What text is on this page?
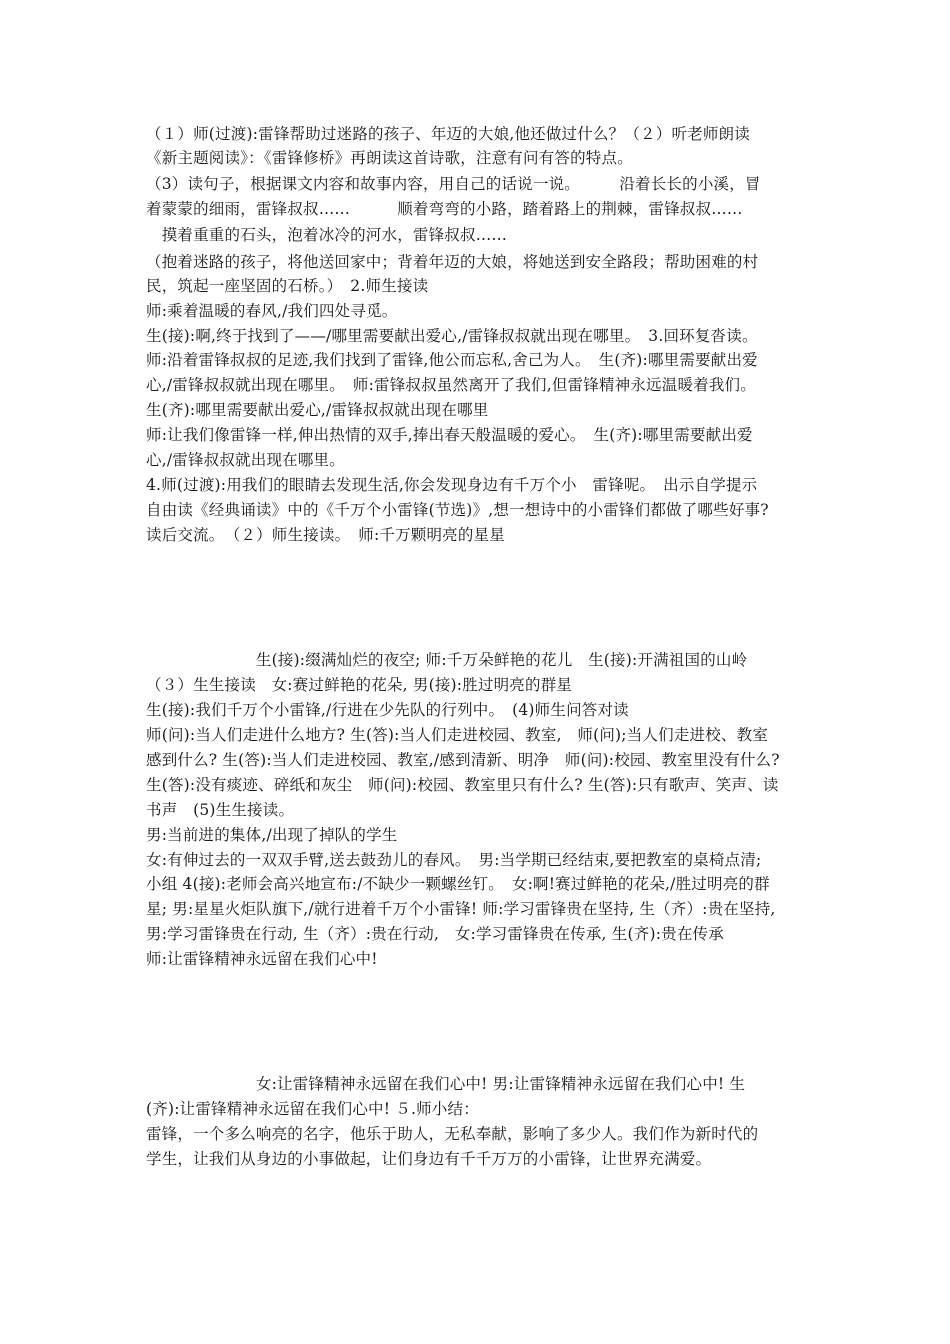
（１）师(过渡):雷锋帮助过迷路的孩子、年迈的大娘,他还做过什么？（２）听老师朗读
《新主题阅读》：《雷锋修桥》再朗读这首诗歌，注意有问有答的特点。
（3）读句子，根据课文内容和故事内容，用自己的话说一说。　　　沿着长长的小溪，冒
着蒙蒙的细雨，雷锋叔叔……　　　顺着弯弯的小路，踏着路上的荆棘，雷锋叔叔……
　摸着重重的石头，泡着冰冷的河水，雷锋叔叔……
（抱着迷路的孩子，将他送回家中；背着年迈的大娘，将她送到安全路段；帮助困难的村
民，筑起一座坚固的石桥。）　2.师生接读
师:乘着温暖的春风,/我们四处寻觅。
生(接):啊,终于找到了——/哪里需要献出爱心,/雷锋叔叔就出现在哪里。　3.回环复沓读。
师:沿着雷锋叔叔的足迹,我们找到了雷锋,他公而忘私,舍己为人。　生(齐):哪里需要献出爱
心,/雷锋叔叔就出现在哪里。　师:雷锋叔叔虽然离开了我们,但雷锋精神永远温暖着我们。
生(齐):哪里需要献出爱心,/雷锋叔叔就出现在哪里
师:让我们像雷锋一样,伸出热情的双手,捧出春天般温暖的爱心。　生(齐):哪里需要献出爱
心,/雷锋叔叔就出现在哪里。
4.师(过渡):用我们的眼睛去发现生活,你会发现身边有千万个小　雷锋呢。　出示自学提示
自由读《经典诵读》中的《千万个小雷锋(节选)》,想一想诗中的小雷锋们都做了哪些好事?
读后交流。　（２）师生接读。　师:千万颗明亮的星星
　　　　　　　生(接):缀满灿烂的夜空; 师:千万朵鲜艳的花儿　生(接):开满祖国的山岭
（３）生生接读　女:赛过鲜艳的花朵, 男(接):胜过明亮的群星
生(接):我们千万个小雷锋,/行进在少先队的行列中。　(4)师生问答对读
师(问):当人们走进什么地方? 生(答):当人们走进校园、教室,　师(问);当人们走进校、教室
感到什么? 生(答):当人们走进校园、教室,/感到清新、明净　师(问):校园、教室里没有什么?
生(答):没有痰迹、碎纸和灰尘　师(问):校园、教室里只有什么? 生(答):只有歌声、笑声、读
书声　(5)生生接读。
男:当前进的集体,/出现了掉队的学生
女:有伸过去的一双双手臂,送去鼓劲儿的春风。　男:当学期已经结束,要把教室的桌椅点清;
小组 4(接):老师会高兴地宣布:/不缺少一颗螺丝钉。　女:啊!赛过鲜艳的花朵,/胜过明亮的群
星; 男:星星火炬队旗下,/就行进着千万个小雷锋! 师:学习雷锋贵在坚持, 生（齐）:贵在坚持,
男:学习雷锋贵在行动, 生（齐）:贵在行动,　女:学习雷锋贵在传承, 生(齐):贵在传承
师:让雷锋精神永远留在我们心中!
　　　　　　　女:让雷锋精神永远留在我们心中! 男:让雷锋精神永远留在我们心中! 生
(齐):让雷锋精神永远留在我们心中! ５.师小结：
雷锋，一个多么响亮的名字，他乐于助人，无私奉献，影响了多少人。我们作为新时代的
学生，让我们从身边的小事做起，让们身边有千千万万的小雷锋，让世界充满爱。
